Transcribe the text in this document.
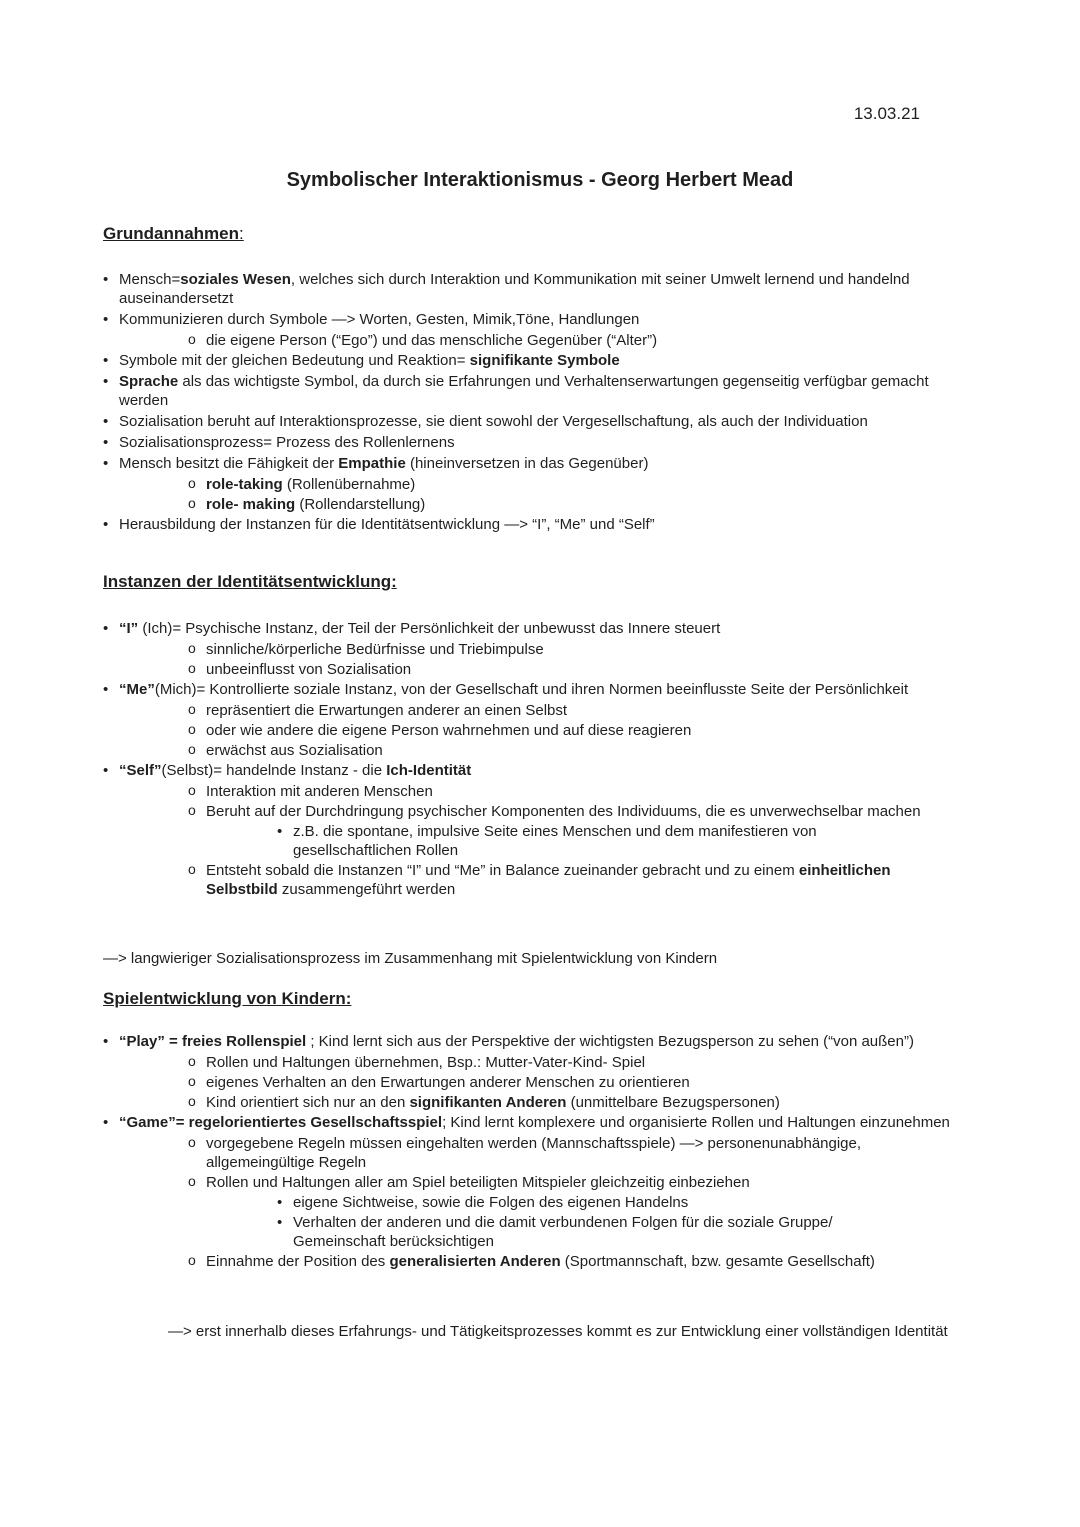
13.03.21
Symbolischer Interaktionismus - Georg Herbert Mead
Grundannahmen:
• Mensch=soziales Wesen, welches sich durch Interaktion und Kommunikation mit seiner Umwelt lernend und handelnd auseinandersetzt
• Kommunizieren durch Symbole —> Worten, Gesten, Mimik,Töne, Handlungen
o die eigene Person (“Ego”) und das menschliche Gegenüber (“Alter”)
• Symbole mit der gleichen Bedeutung und Reaktion= signifikante Symbole
• Sprache als das wichtigste Symbol, da durch sie Erfahrungen und Verhaltenserwartungen gegenseitig verfügbar gemacht werden
• Sozialisation beruht auf Interaktionsprozesse, sie dient sowohl der Vergesellschaftung, als auch der Individuation
• Sozialisationsprozess= Prozess des Rollenlernens
• Mensch besitzt die Fähigkeit der Empathie (hineinversetzen in das Gegenüber)
o role-taking (Rollenübernahme)
o role- making (Rollendarstellung)
• Herausbildung der Instanzen für die Identitätsentwicklung —> “I”, “Me” und “Self”
Instanzen der Identitätsentwicklung:
• “I” (Ich)= Psychische Instanz, der Teil der Persönlichkeit der unbewusst das Innere steuert
o sinnliche/körperliche Bedürfnisse und Triebimpulse
o unbeeinflusst von Sozialisation
• “Me”(Mich)= Kontrollierte soziale Instanz, von der Gesellschaft und ihren Normen beeinflusste Seite der Persönlichkeit
o repräsentiert die Erwartungen anderer an einen Selbst
o oder wie andere die eigene Person wahrnehmen und auf diese reagieren
o erwächst aus Sozialisation
• “Self”(Selbst)= handelnde Instanz - die Ich-Identität
o Interaktion mit anderen Menschen
o Beruht auf der Durchdringung psychischer Komponenten des Individuums, die es unverwechselbar machen
• z.B. die spontane, impulsive Seite eines Menschen und dem manifestieren von gesellschaftlichen Rollen
o Entsteht sobald die Instanzen “I” und “Me” in Balance zueinander gebracht und zu einem einheitlichen Selbstbild zusammengeführt werden
—> langwieriger Sozialisationsprozess im Zusammenhang mit Spielentwicklung von Kindern
Spielentwicklung von Kindern:
• “Play” = freies Rollenspiel ; Kind lernt sich aus der Perspektive der wichtigsten Bezugsperson zu sehen (“von außen”)
o Rollen und Haltungen übernehmen, Bsp.: Mutter-Vater-Kind- Spiel
o eigenes Verhalten an den Erwartungen anderer Menschen zu orientieren
o Kind orientiert sich nur an den signifikanten Anderen (unmittelbare Bezugspersonen)
• “Game”= regelorientiertes Gesellschaftsspiel; Kind lernt komplexere und organisierte Rollen und Haltungen einzunehmen
o vorgegebene Regeln müssen eingehalten werden (Mannschaftsspiele) —> personenunabhängige, allgemeingültige Regeln
o Rollen und Haltungen aller am Spiel beteiligten Mitspieler gleichzeitig einbeziehen
• eigene Sichtweise, sowie die Folgen des eigenen Handelns
• Verhalten der anderen und die damit verbundenen Folgen für die soziale Gruppe/ Gemeinschaft berücksichtigen
o Einnahme der Position des generalisierten Anderen (Sportmannschaft, bzw. gesamte Gesellschaft)
—> erst innerhalb dieses Erfahrungs- und Tätigkeitsprozesses kommt es zur Entwicklung einer vollständigen Identität
